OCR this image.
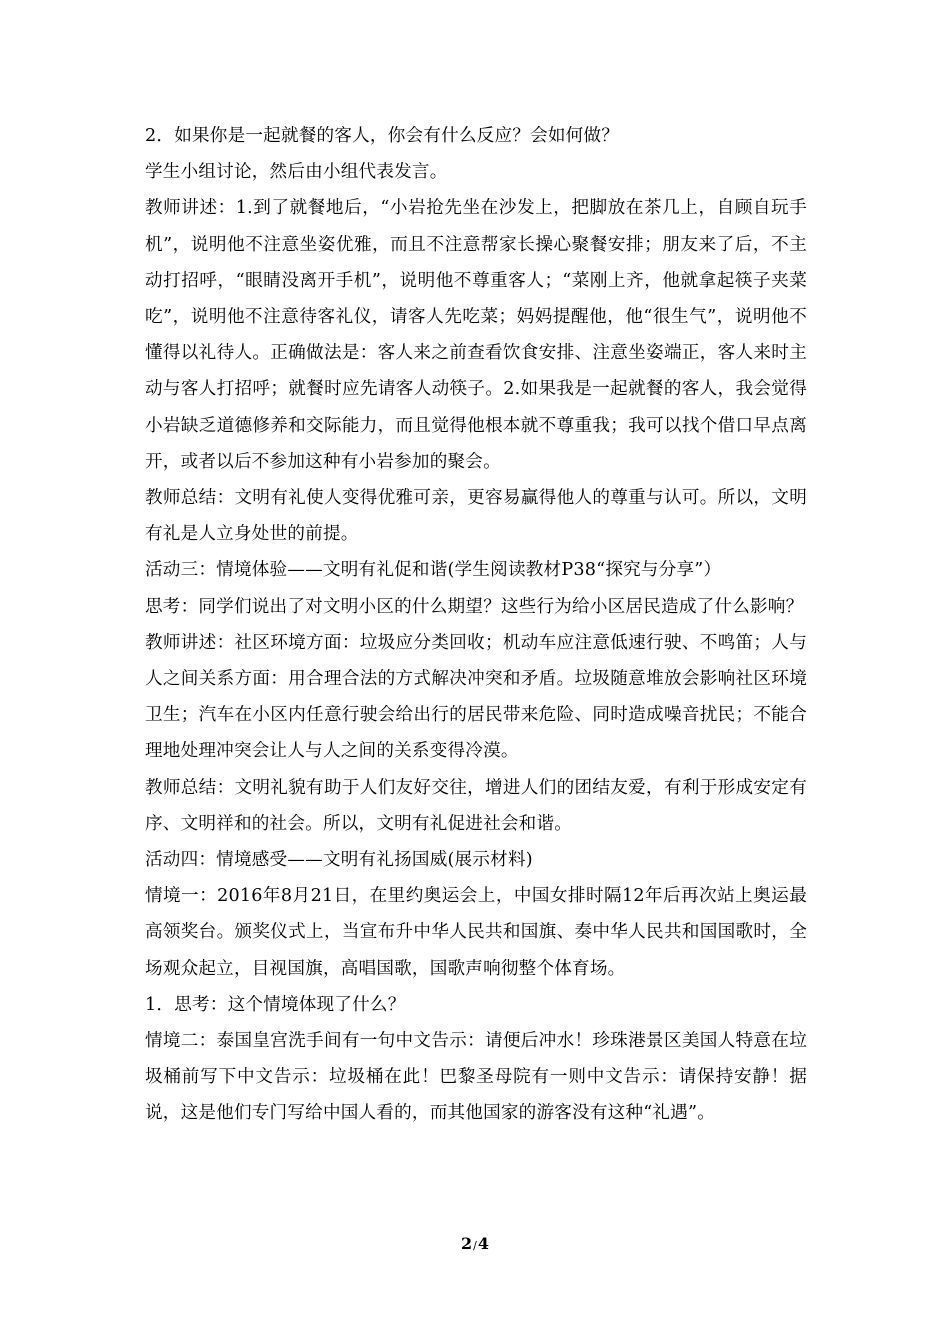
2．如果你是一起就餐的客人，你会有什么反应？会如何做？

学生小组讨论，然后由小组代表发言。

教师讲述：1.到了就餐地后，“小岩抢先坐在沙发上，把脚放在茶几上，自顾自玩手机”，说明他不注意坐姿优雅，而且不注意帮家长操心聚餐安排；朋友来了后，不主动打招呼，“眼睛没离开手机”，说明他不尊重客人；“菜刚上齐，他就拿起筷子夹菜吃”，说明他不注意待客礼仪，请客人先吃菜；妈妈提醒他，他“很生气”，说明他不懂得以礼待人。正确做法是：客人来之前查看饮食安排、注意坐姿端正，客人来时主动与客人打招呼；就餐时应先请客人动筷子。2.如果我是一起就餐的客人，我会觉得小岩缺乏道德修养和交际能力，而且觉得他根本就不尊重我；我可以找个借口早点离开，或者以后不参加这种有小岩参加的聚会。

教师总结：文明有礼使人变得优雅可亲，更容易赢得他人的尊重与认可。所以，文明有礼是人立身处世的前提。

活动三：情境体验——文明有礼促和谐(学生阅读教材P38“探究与分享”）

思考：同学们说出了对文明小区的什么期望？这些行为给小区居民造成了什么影响？

教师讲述：社区环境方面：垃圾应分类回收；机动车应注意低速行驶、不鸣笛；人与人之间关系方面：用合理合法的方式解决冲突和矛盾。垃圾随意堆放会影响社区环境卫生；汽车在小区内任意行驶会给出行的居民带来危险、同时造成噪音扰民；不能合理地处理冲突会让人与人之间的关系变得冷漠。

教师总结：文明礼貌有助于人们友好交往，增进人们的团结友爱，有利于形成安定有序、文明祥和的社会。所以，文明有礼促进社会和谐。

活动四：情境感受——文明有礼扬国威(展示材料)

情境一：2016年8月21日，在里约奥运会上，中国女排时隔12年后再次站上奥运最高领奖台。颁奖仪式上，当宣布升中华人民共和国旗、奏中华人民共和国国歌时，全场观众起立，目视国旗，高唱国歌，国歌声响彻整个体育场。

1．思考：这个情境体现了什么？

情境二：泰国皇宫洗手间有一句中文告示：请便后冲水！珍珠港景区美国人特意在垃圾桶前写下中文告示：垃圾桶在此！巴黎圣母院有一则中文告示：请保持安静！据说，这是他们专门写给中国人看的，而其他国家的游客没有这种“礼遇”。

2/4
